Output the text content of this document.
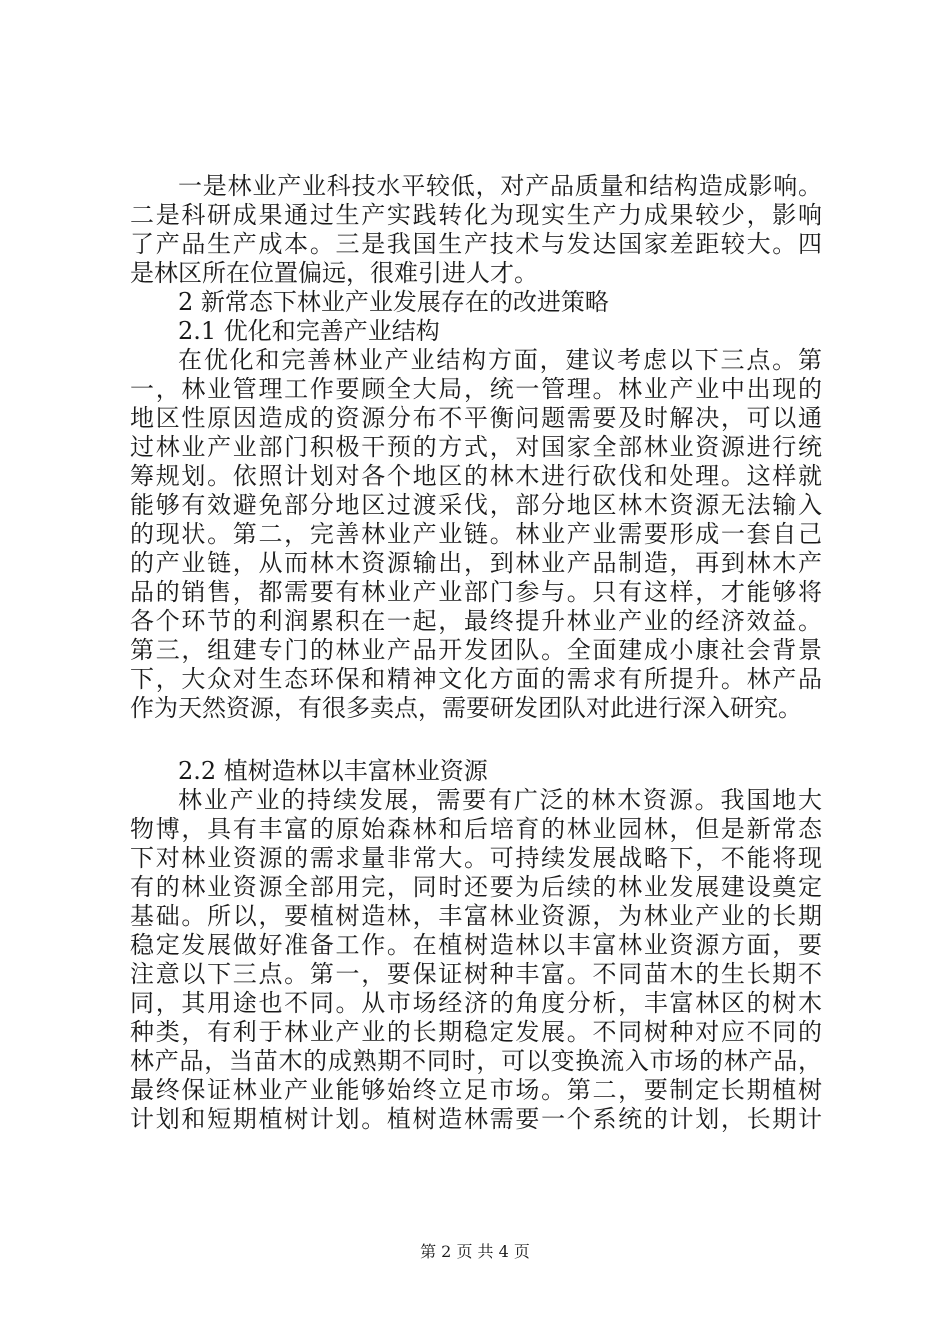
一是林业产业科技水平较低，对产品质量和结构造成影响。
二是科研成果通过生产实践转化为现实生产力成果较少，影响
了产品生产成本。三是我国生产技术与发达国家差距较大。四
是林区所在位置偏远，很难引进人才。
2 新常态下林业产业发展存在的改进策略
2.1 优化和完善产业结构
在优化和完善林业产业结构方面，建议考虑以下三点。第
一，林业管理工作要顾全大局，统一管理。林业产业中出现的
地区性原因造成的资源分布不平衡问题需要及时解决，可以通
过林业产业部门积极干预的方式，对国家全部林业资源进行统
筹规划。依照计划对各个地区的林木进行砍伐和处理。这样就
能够有效避免部分地区过渡采伐，部分地区林木资源无法输入
的现状。第二，完善林业产业链。林业产业需要形成一套自己
的产业链，从而林木资源输出，到林业产品制造，再到林木产
品的销售，都需要有林业产业部门参与。只有这样，才能够将
各个环节的利润累积在一起，最终提升林业产业的经济效益。
第三，组建专门的林业产品开发团队。全面建成小康社会背景
下，大众对生态环保和精神文化方面的需求有所提升。林产品
作为天然资源，有很多卖点，需要研发团队对此进行深入研究。
2.2 植树造林以丰富林业资源
林业产业的持续发展，需要有广泛的林木资源。我国地大
物博，具有丰富的原始森林和后培育的林业园林，但是新常态
下对林业资源的需求量非常大。可持续发展战略下，不能将现
有的林业资源全部用完，同时还要为后续的林业发展建设奠定
基础。所以，要植树造林，丰富林业资源，为林业产业的长期
稳定发展做好准备工作。在植树造林以丰富林业资源方面，要
注意以下三点。第一，要保证树种丰富。不同苗木的生长期不
同，其用途也不同。从市场经济的角度分析，丰富林区的树木
种类，有利于林业产业的长期稳定发展。不同树种对应不同的
林产品，当苗木的成熟期不同时，可以变换流入市场的林产品，
最终保证林业产业能够始终立足市场。第二，要制定长期植树
计划和短期植树计划。植树造林需要一个系统的计划，长期计
第 2 页 共 4 页
